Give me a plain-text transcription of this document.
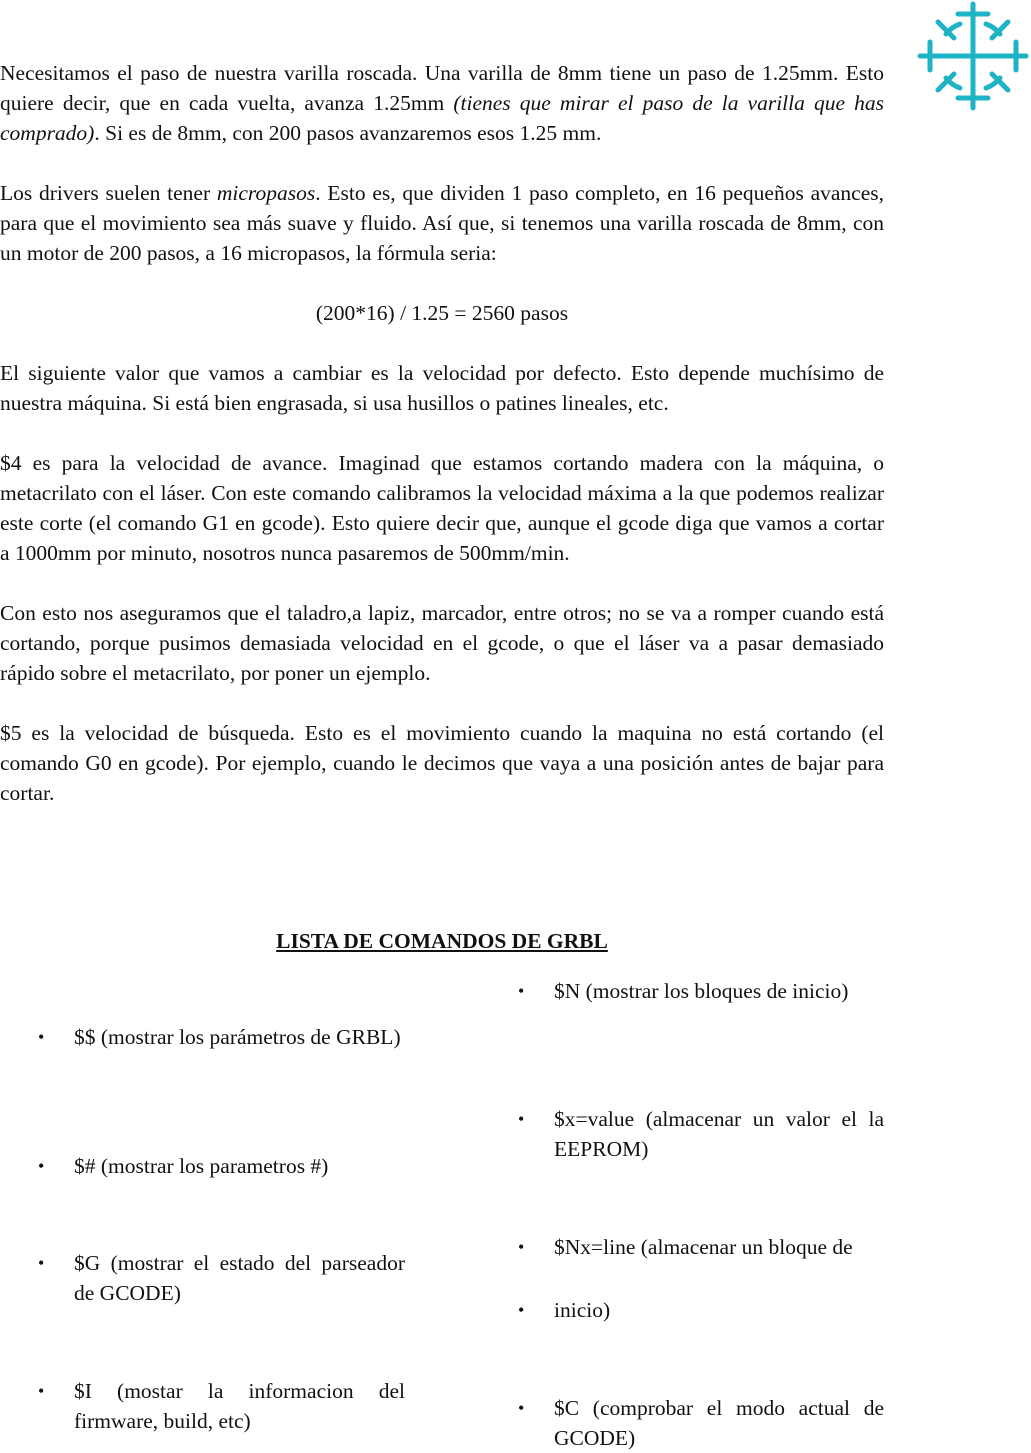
Necesitamos el paso de nuestra varilla roscada. Una varilla de 8mm tiene un paso de 1.25mm. Esto quiere decir, que en cada vuelta, avanza 1.25mm (tienes que mirar el paso de la varilla que has comprado). Si es de 8mm, con 200 pasos avanzaremos esos 1.25 mm.

Los drivers suelen tener micropasos. Esto es, que dividen 1 paso completo, en 16 pequeños avances, para que el movimiento sea más suave y fluido. Así que, si tenemos una varilla roscada de 8mm, con un motor de 200 pasos, a 16 micropasos, la fórmula seria:

(200*16) / 1.25 = 2560 pasos

El siguiente valor que vamos a cambiar es la velocidad por defecto. Esto depende muchísimo de nuestra máquina. Si está bien engrasada, si usa husillos o patines lineales, etc.

$4 es para la velocidad de avance. Imaginad que estamos cortando madera con la máquina, o metacrilato con el láser. Con este comando calibramos la velocidad máxima a la que podemos realizar este corte (el comando G1 en gcode). Esto quiere decir que, aunque el gcode diga que vamos a cortar a 1000mm por minuto, nosotros nunca pasaremos de 500mm/min.

Con esto nos aseguramos que el taladro,a lapiz, marcador, entre otros; no se va a romper cuando está cortando, porque pusimos demasiada velocidad en el gcode, o que el láser va a pasar demasiado rápido sobre el metacrilato, por poner un ejemplo.

$5 es la velocidad de búsqueda. Esto es el movimiento cuando la maquina no está cortando (el comando G0 en gcode). Por ejemplo, cuando le decimos que vaya a una posición antes de bajar para cortar.

LISTA DE COMANDOS DE GRBL

•	$$ (mostrar los parámetros de GRBL)
•	$# (mostrar los parametros #)
•	$G (mostrar el estado del parseador de GCODE)
•	$I (mostar la informacion del firmware, build, etc)
•	$N (mostrar los bloques de inicio)
•	$x=value (almacenar un valor el la EEPROM)
•	$Nx=line (almacenar un bloque de
•	inicio)
•	$C (comprobar el modo actual de GCODE)
